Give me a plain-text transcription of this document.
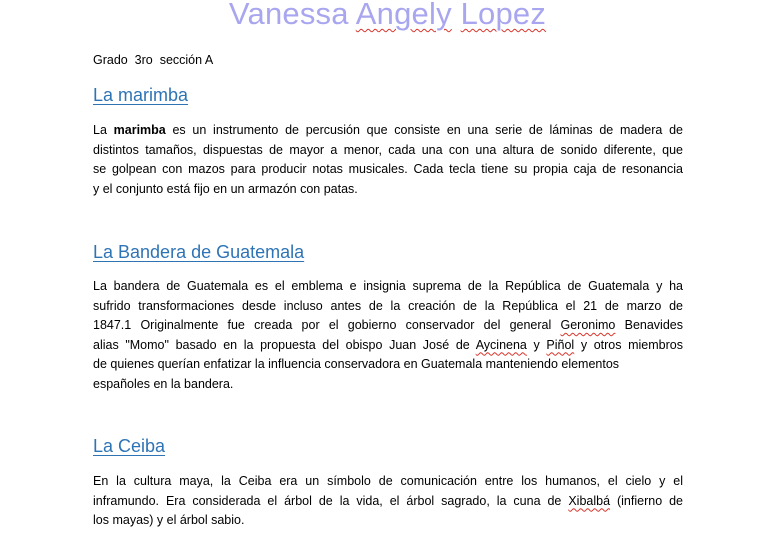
Vanessa Angely Lopez
Grado  3ro  sección A
La marimba
La marimba es un instrumento de percusión que consiste en una serie de láminas de madera de
distintos tamaños, dispuestas de mayor a menor, cada una con una altura de sonido diferente, que
se golpean con mazos para producir notas musicales. Cada tecla tiene su propia caja de resonancia
y el conjunto está fijo en un armazón con patas.
La Bandera de Guatemala
La bandera de Guatemala es el emblema e insignia suprema de la República de Guatemala y ha
sufrido transformaciones desde incluso antes de la creación de la República el 21 de marzo de
1847.1 Originalmente fue creada por el gobierno conservador del general Geronimo Benavides
alias "Momo" basado en la propuesta del obispo Juan José de Aycinena y Piñol y otros miembros
de quienes querían enfatizar la influencia conservadora en Guatemala manteniendo elementos
españoles en la bandera.
La Ceiba
En la cultura maya, la Ceiba era un símbolo de comunicación entre los humanos, el cielo y el
inframundo. Era considerada el árbol de la vida, el árbol sagrado, la cuna de Xibalbá (infierno de
los mayas) y el árbol sabio.
